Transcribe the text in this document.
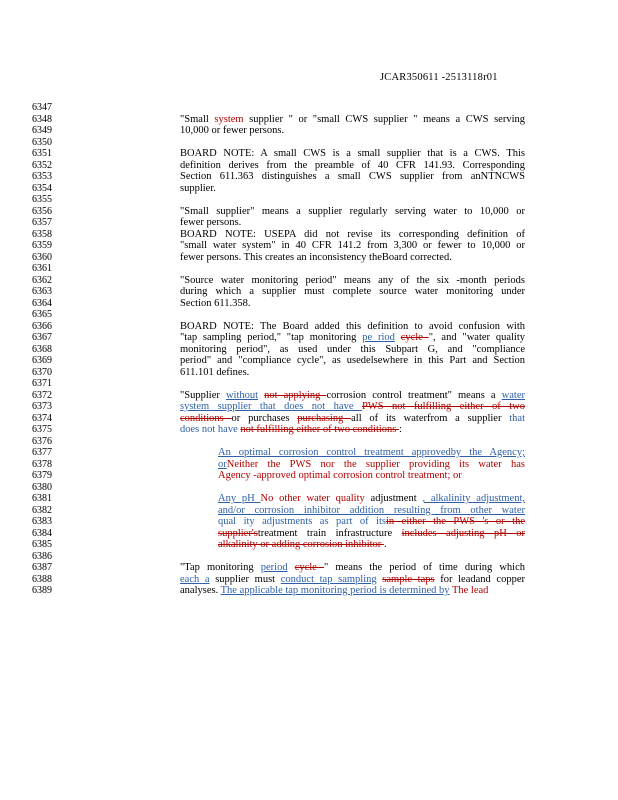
JCAR350611 -2513118r01
6347
6348
6349
6350
6351
6352
6353
6354
6355
6356
6357
6358
6359
6360
6361
6362
6363
6364
6365
6366
6367
6368
6369
6370
6371
6372
6373
6374
6375
6376
6377
6378
6379
6380
6381
6382
6383
6384
6385
6386
6387
6388
6389
"Small system supplier " or "small CWS supplier " means a CWS serving
10,000 or fewer persons.
BOARD NOTE: A small CWS is a small supplier that is a CWS. This
definition derives from the preamble of 40 CFR 141.93. Corresponding
Section 611.363 distinguishes a small CWS supplier from anNTNCWS
supplier.
"Small supplier" means a supplier regularly serving water to 10,000 or
fewer persons.
BOARD NOTE: USEPA did not revise its corresponding definition of
"small water system" in 40 CFR 141.2 from 3,300 or fewer to 10,000 or
fewer persons. This creates an inconsistency theBoard corrected.
"Source water monitoring period" means any of the six -month periods
during which a supplier must complete source water monitoring under
Section 611.358.
BOARD NOTE: The Board added this definition to avoid confusion with
"tap sampling period," "tap monitoring pe riod cycle ", and "water quality
monitoring period", as used under this Subpart G, and "compliance
period" and "compliance cycle", as usedelsewhere in this Part and Section
611.101 defines.
"Supplier without not applying corrosion control treatment" means a water
system supplier that does not have PWS not fulfilling either of two
conditions or purchases purchasing all of its waterfrom a supplier that
does not have not fulfilling either of two conditions :
An optimal corrosion control treatment approvedby the Agency;
orNeither the PWS nor the supplier providing its water has
Agency -approved optimal corrosion control treatment; or
Any pH No other water quality adjustment , alkalinity adjustment,
and/or corrosion inhibitor addition resulting from other water
qual ity adjustments as part of itsin either the PWS 's or the
supplier'streatment train infrastructure includes adjusting pH or
alkalinity or adding corrosion inhibitor .
"Tap monitoring period cycle " means the period of time during which
each a supplier must conduct tap sampling sample taps for leadand copper
analyses. The applicable tap monitoring period is determined by The lead
